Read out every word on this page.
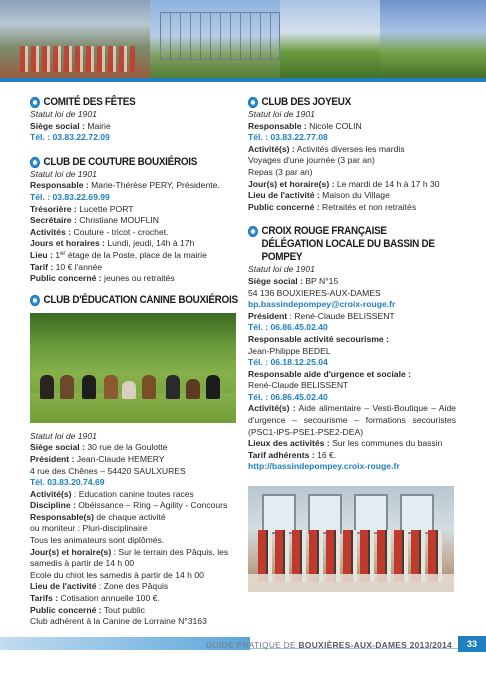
COMITÉ DES FÊTES
Statut loi de 1901
Siège social : Mairie
Tél. : 03.83.22.72.09
CLUB DE COUTURE BOUXIÉROIS
Statut loi de 1901
Responsable : Marie-Thérèse PERY, Présidente.
Tél. : 03.83.22.69.99
Trésorière : Lucette PORT
Secrétaire : Christiane MOUFLIN
Activités : Couture - tricot - crochet.
Jours et horaires : Lundi, jeudi, 14h à 17h
Lieu : 1er étage de la Poste, place de la mairie
Tarif : 10 € l'année
Public concerné : jeunes ou retraités
CLUB D'ÉDUCATION CANINE BOUXIÉROIS
Statut loi de 1901
Siège social : 30 rue de la Goulotte
Président : Jean-Claude HEMERY
4 rue des Chênes – 54420 SAULXURES
Tél. 03.83.20.74.69
Activité(s) : Education canine toutes races
Discipline : Obéissance – Ring – Agility - Concours
Responsable(s) de chaque activité
ou moniteur : Pluri-disciplinaire
Tous les animateurs sont diplômés.
Jour(s) et horaire(s) : Sur le terrain des Pâquis, les samedis à partir de 14 h 00
Ecole du chiot les samedis à partir de 14 h 00
Lieu de l'activité : Zone des Pâquis
Tarifs : Cotisation annuelle 100 €.
Public concerné : Tout public
Club adhérent à la Canine de Lorraine N°3163
CLUB DES JOYEUX
Statut loi de 1901
Responsable : Nicole COLIN
Tél. : 03.83.22.77.08
Activité(s) : Activités diverses les mardis
Voyages d'une journée (3 par an)
Repas (3 par an)
Jour(s) et horaire(s) : Le mardi de 14 h à 17 h 30
Lieu de l'activité : Maison du Village
Public concerné : Retraités et non retraités
CROIX ROUGE FRANÇAISE DÉLÉGATION LOCALE DU BASSIN DE POMPEY
Statut loi de 1901
Siège social : BP N°15
54 136 BOUXIERES-AUX-DAMES
bp.bassindepompey@croix-rouge.fr
Président : René-Claude BELISSENT
Tél. : 06.86.45.02.40
Responsable activité secourisme :
Jean-Philippe BEDEL
Tél. : 06.18.12.25.04
Responsable aide d'urgence et sociale :
René-Claude BELISSENT
Tél. : 06.86.45.02.40
Activité(s) : Aide alimentaire – Vesti-Boutique – Aide d'urgence – secourisme – formations secouristes (PSC1-IPS-PSE1-PSE2-DEA)
Lieux des activités : Sur les communes du bassin
Tarif adhérents : 16 €.
http://bassindepompey.croix-rouge.fr
GUIDE PRATIQUE DE BOUXIÈRES-AUX-DAMES 2013/2014	33
